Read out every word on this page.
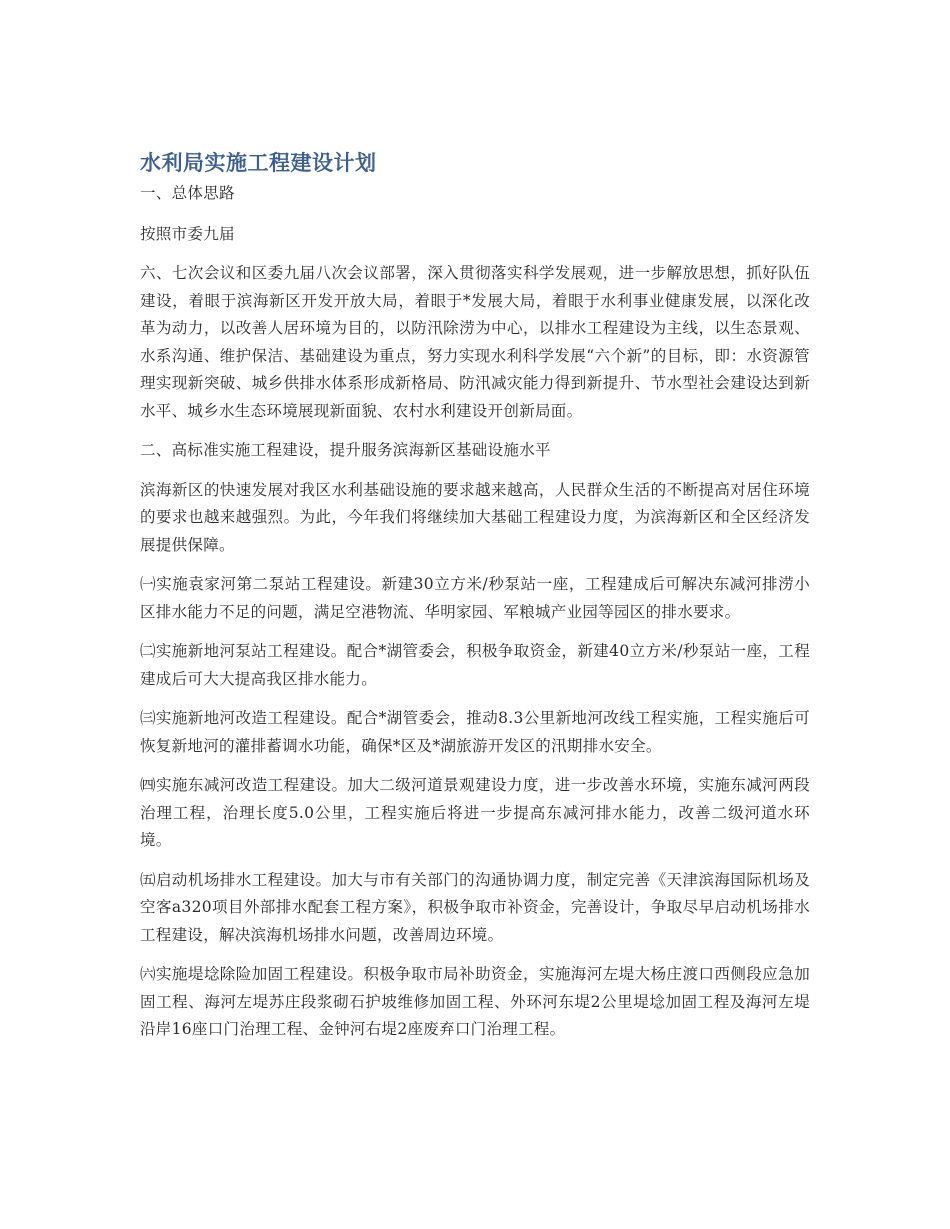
水利局实施工程建设计划

一、总体思路

按照市委九届

六、七次会议和区委九届八次会议部署，深入贯彻落实科学发展观，进一步解放思想，抓好队伍建设，着眼于滨海新区开发开放大局，着眼于*发展大局，着眼于水利事业健康发展，以深化改革为动力，以改善人居环境为目的，以防汛除涝为中心，以排水工程建设为主线，以生态景观、水系沟通、维护保洁、基础建设为重点，努力实现水利科学发展“六个新”的目标，即：水资源管理实现新突破、城乡供排水体系形成新格局、防汛减灾能力得到新提升、节水型社会建设达到新水平、城乡水生态环境展现新面貌、农村水利建设开创新局面。

二、高标准实施工程建设，提升服务滨海新区基础设施水平

滨海新区的快速发展对我区水利基础设施的要求越来越高，人民群众生活的不断提高对居住环境的要求也越来越强烈。为此，今年我们将继续加大基础工程建设力度，为滨海新区和全区经济发展提供保障。

㈠实施袁家河第二泵站工程建设。新建30立方米/秒泵站一座，工程建成后可解决东减河排涝小区排水能力不足的问题，满足空港物流、华明家园、军粮城产业园等园区的排水要求。

㈡实施新地河泵站工程建设。配合*湖管委会，积极争取资金，新建40立方米/秒泵站一座，工程建成后可大大提高我区排水能力。

㈢实施新地河改造工程建设。配合*湖管委会，推动8.3公里新地河改线工程实施，工程实施后可恢复新地河的灌排蓄调水功能，确保*区及*湖旅游开发区的汛期排水安全。

㈣实施东减河改造工程建设。加大二级河道景观建设力度，进一步改善水环境，实施东减河两段治理工程，治理长度5.0公里，工程实施后将进一步提高东减河排水能力，改善二级河道水环境。

㈤启动机场排水工程建设。加大与市有关部门的沟通协调力度，制定完善《天津滨海国际机场及空客a320项目外部排水配套工程方案》，积极争取市补资金，完善设计，争取尽早启动机场排水工程建设，解决滨海机场排水问题，改善周边环境。

㈥实施堤埝除险加固工程建设。积极争取市局补助资金，实施海河左堤大杨庄渡口西侧段应急加固工程、海河左堤苏庄段浆砌石护坡维修加固工程、外环河东堤2公里堤埝加固工程及海河左堤沿岸16座口门治理工程、金钟河右堤2座废弃口门治理工程。
